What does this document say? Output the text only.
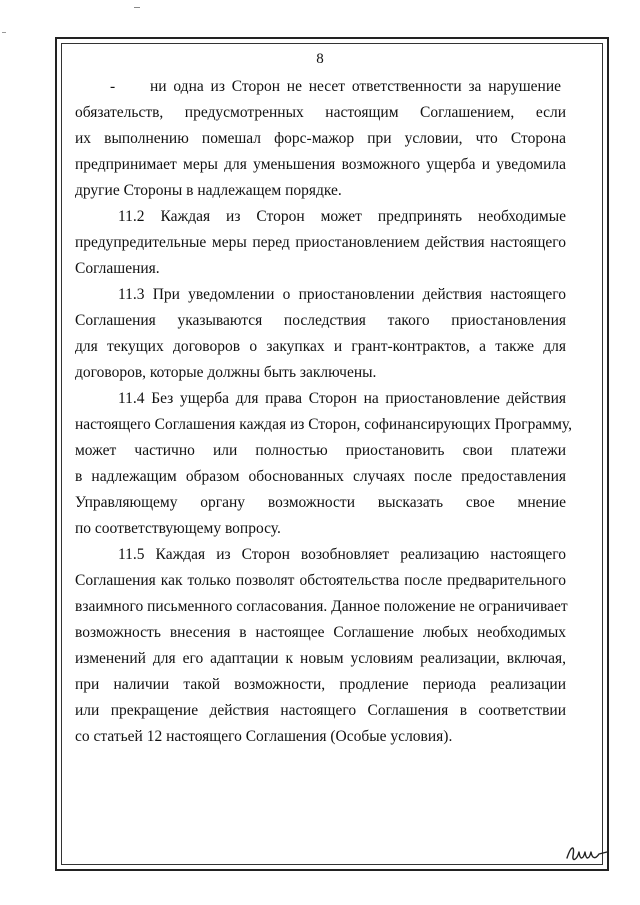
8
- ни одна из Сторон не несет ответственности за нарушение
обязательств, предусмотренных настоящим Соглашением, если
их выполнению помешал форс-мажор при условии, что Сторона
предпринимает меры для уменьшения возможного ущерба и уведомила
другие Стороны в надлежащем порядке.
11.2 Каждая из Сторон может предпринять необходимые
предупредительные меры перед приостановлением действия настоящего
Соглашения.
11.3 При уведомлении о приостановлении действия настоящего
Соглашения указываются последствия такого приостановления
для текущих договоров о закупках и грант-контрактов, а также для
договоров, которые должны быть заключены.
11.4 Без ущерба для права Сторон на приостановление действия
настоящего Соглашения каждая из Сторон, софинансирующих Программу,
может частично или полностью приостановить свои платежи
в надлежащим образом обоснованных случаях после предоставления
Управляющему органу возможности высказать свое мнение
по соответствующему вопросу.
11.5 Каждая из Сторон возобновляет реализацию настоящего
Соглашения как только позволят обстоятельства после предварительного
взаимного письменного согласования. Данное положение не ограничивает
возможность внесения в настоящее Соглашение любых необходимых
изменений для его адаптации к новым условиям реализации, включая,
при наличии такой возможности, продление периода реализации
или прекращение действия настоящего Соглашения в соответствии
со статьей 12 настоящего Соглашения (Особые условия).
